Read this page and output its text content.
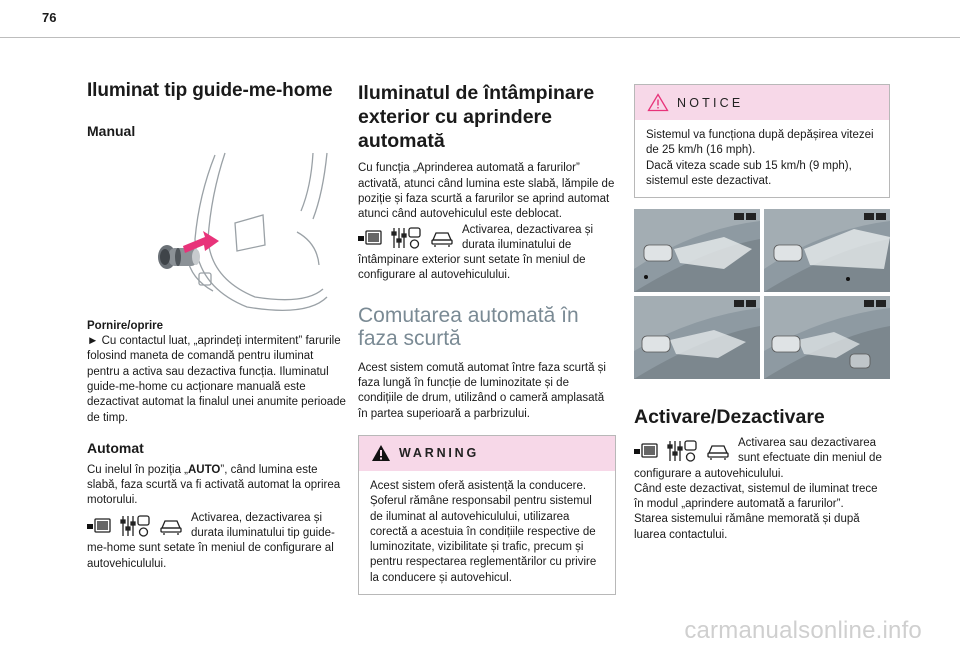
76
Iluminat tip guide-me-home
Manual

Pornire/oprire

► Cu contactul luat, „aprindeți intermitent” farurile folosind maneta de comandă pentru iluminat pentru a activa sau dezactiva funcția. Iluminatul guide-me-home cu acționare manuală este dezactivat automat la finalul unei anumite perioade de timp.

Automat

Cu inelul în poziția „AUTO”, când lumina este slabă, faza scurtă va fi activată automat la oprirea motorului.

Activarea, dezactivarea și durata iluminatului tip guide-me-home sunt setate în meniul de configurare al autovehiculului.

Iluminatul de întâmpinare exterior cu aprindere automată

Cu funcția „Aprinderea automată a farurilor” activată, atunci când lumina este slabă, lămpile de poziție și faza scurtă a farurilor se aprind automat atunci când autovehiculul este deblocat.

Activarea, dezactivarea și durata iluminatului de întâmpinare exterior sunt setate în meniul de configurare al autovehiculului.

Comutarea automată în faza scurtă

Acest sistem comută automat între faza scurtă și faza lungă în funcție de luminozitate și de condițiile de drum, utilizând o cameră amplasată în partea superioară a parbrizului.

WARNING

Acest sistem oferă asistență la conducere. Șoferul rămâne responsabil pentru sistemul de iluminat al autovehiculului, utilizarea corectă a acestuia în condițiile respective de luminozitate, vizibilitate și trafic, precum și pentru respectarea reglementărilor cu privire la conducere și autovehicul.

NOTICE

Sistemul va funcționa după depășirea vitezei de 25 km/h (16 mph).

Dacă viteza scade sub 15 km/h (9 mph), sistemul este dezactivat.

Activare/Dezactivare

Activarea sau dezactivarea sunt efectuate din meniul de configurare a autovehiculului.

Când este dezactivat, sistemul de iluminat trece în modul „aprindere automată a farurilor”.

Starea sistemului rămâne memorată și după luarea contactului.

carmanualsonline.info
